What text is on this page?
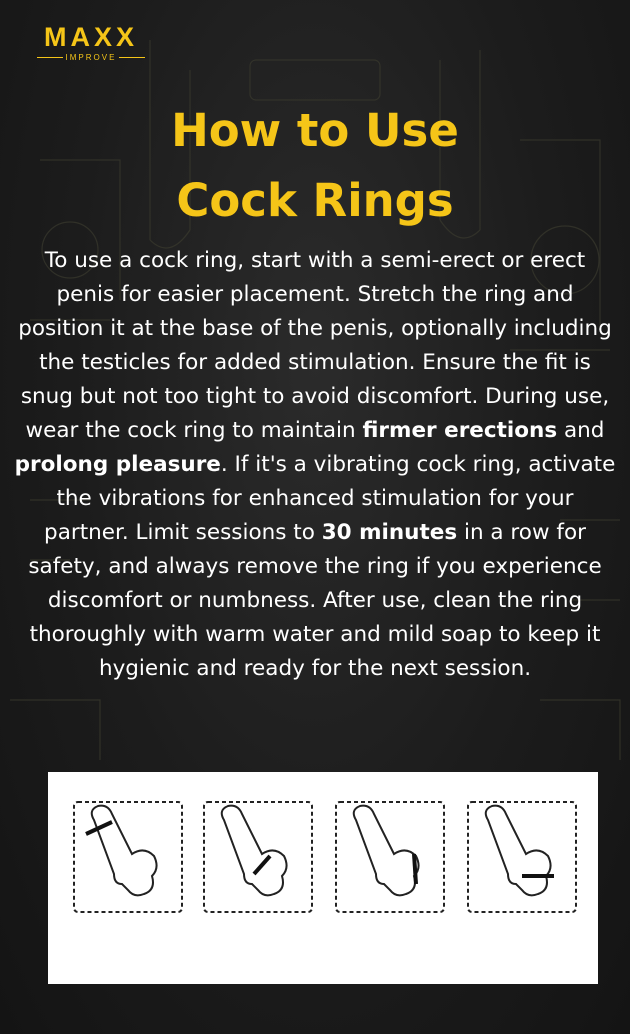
MAXX
IMPROVE
How to Use
Cock Rings

To use a cock ring, start with a semi-erect or erect penis for easier placement. Stretch the ring and position it at the base of the penis, optionally including the testicles for added stimulation. Ensure the fit is snug but not too tight to avoid discomfort. During use, wear the cock ring to maintain firmer erections and prolong pleasure. If it's a vibrating cock ring, activate the vibrations for enhanced stimulation for your partner. Limit sessions to 30 minutes in a row for safety, and always remove the ring if you experience discomfort or numbness. After use, clean the ring thoroughly with warm water and mild soap to keep it hygienic and ready for the next session.
